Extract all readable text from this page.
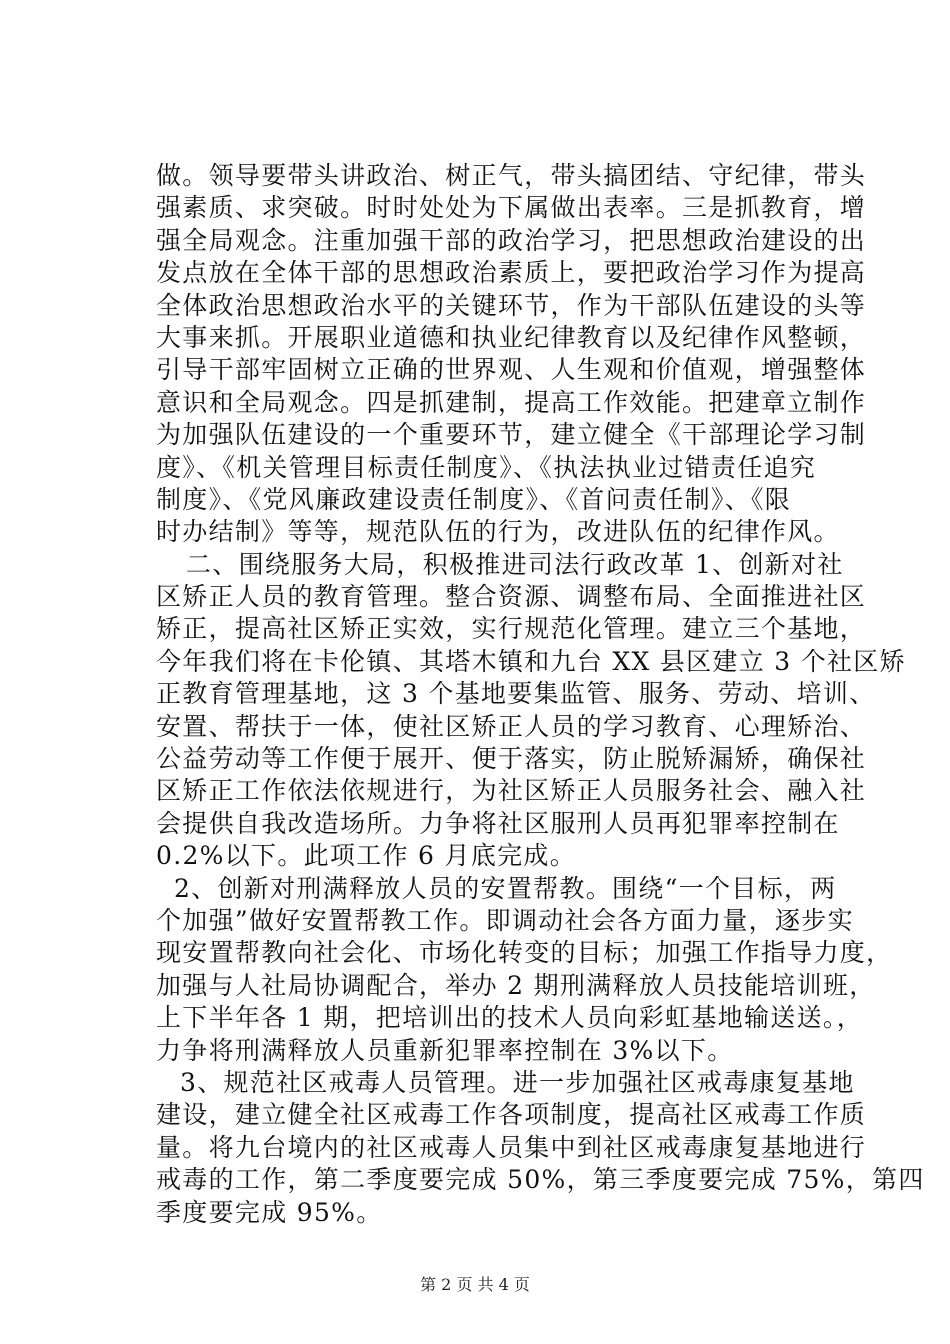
做。领导要带头讲政治、树正气，带头搞团结、守纪律，带头
强素质、求突破。时时处处为下属做出表率。三是抓教育，增
强全局观念。注重加强干部的政治学习，把思想政治建设的出
发点放在全体干部的思想政治素质上，要把政治学习作为提高
全体政治思想政治水平的关键环节，作为干部队伍建设的头等
大事来抓。开展职业道德和执业纪律教育以及纪律作风整顿，
引导干部牢固树立正确的世界观、人生观和价值观，增强整体
意识和全局观念。四是抓建制，提高工作效能。把建章立制作
为加强队伍建设的一个重要环节，建立健全《干部理论学习制
度》、《机关管理目标责任制度》、《执法执业过错责任追究
制度》、《党风廉政建设责任制度》、《首问责任制》、《限
时办结制》等等，规范队伍的行为，改进队伍的纪律作风。
二、围绕服务大局，积极推进司法行政改革 1、创新对社
区矫正人员的教育管理。整合资源、调整布局、全面推进社区
矫正，提高社区矫正实效，实行规范化管理。建立三个基地，
今年我们将在卡伦镇、其塔木镇和九台 XX 县区建立 3 个社区矫
正教育管理基地，这 3 个基地要集监管、服务、劳动、培训、
安置、帮扶于一体，使社区矫正人员的学习教育、心理矫治、
公益劳动等工作便于展开、便于落实，防止脱矫漏矫，确保社
区矫正工作依法依规进行，为社区矫正人员服务社会、融入社
会提供自我改造场所。力争将社区服刑人员再犯罪率控制在
0.2%以下。此项工作 6 月底完成。
2、创新对刑满释放人员的安置帮教。围绕“一个目标，两
个加强”做好安置帮教工作。即调动社会各方面力量，逐步实
现安置帮教向社会化、市场化转变的目标；加强工作指导力度，
加强与人社局协调配合，举办 2 期刑满释放人员技能培训班，
上下半年各 1 期，把培训出的技术人员向彩虹基地输送送。，
力争将刑满释放人员重新犯罪率控制在 3%以下。
3、规范社区戒毒人员管理。进一步加强社区戒毒康复基地
建设，建立健全社区戒毒工作各项制度，提高社区戒毒工作质
量。将九台境内的社区戒毒人员集中到社区戒毒康复基地进行
戒毒的工作，第二季度要完成 50%，第三季度要完成 75%，第四
季度要完成 95%。
第 2 页 共 4 页
